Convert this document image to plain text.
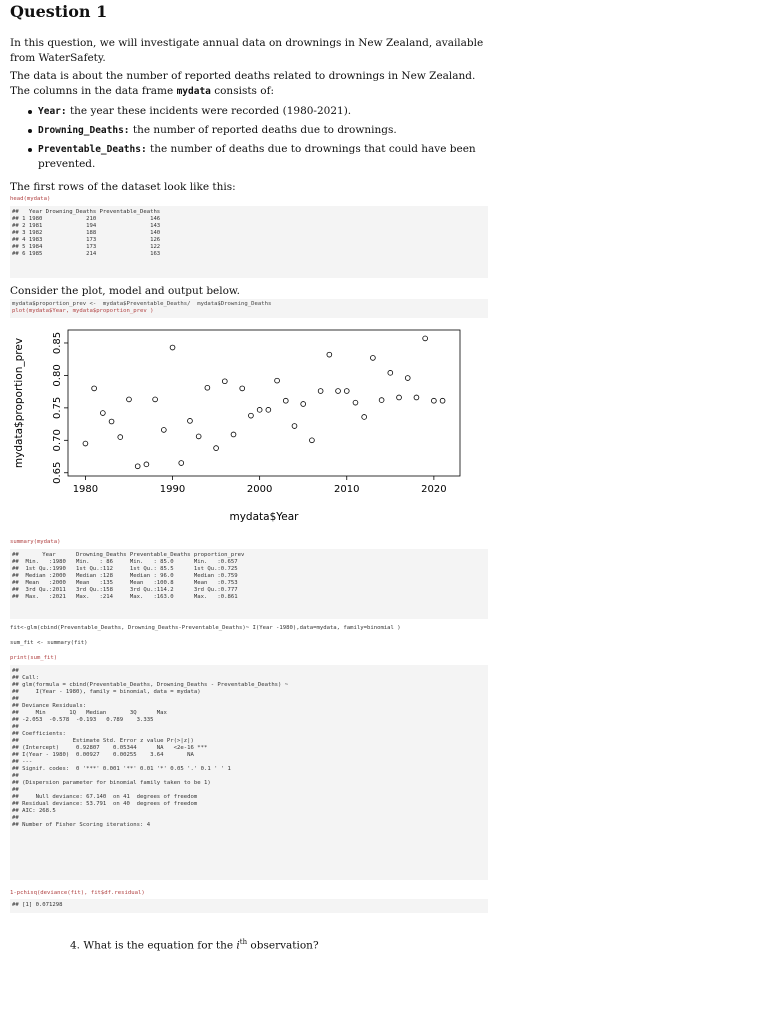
Question 1
In this question, we will investigate annual data on drownings in New Zealand, available from WaterSafety.
The data is about the number of reported deaths related to drownings in New Zealand. The columns in the data frame mydata consists of:
Year: the year these incidents were recorded (1980-2021).
Drowning_Deaths: the number of reported deaths due to drownings.
Preventable_Deaths: the number of deaths due to drownings that could have been prevented.
The first rows of the dataset look like this:
head(mydata)
##   Year Drowning_Deaths Preventable_Deaths
## 1 1980             210                146
## 2 1981             194                143
## 3 1982             188                140
## 4 1983             173                126
## 5 1984             173                122
## 6 1985             214                163
Consider the plot, model and output below.
mydata$proportion_prev <-  mydata$Preventable_Deaths/  mydata$Drowning_Deaths
plot(mydata$Year, mydata$proportion_prev )
1980	1990	2000	2010	2020
0.65
0.70
0.75
0.80
0.85
mydata$Year
mydata$proportion_prev
summary(mydata)
##       Year      Drowning_Deaths Preventable_Deaths proportion_prev
##  Min.   :1980   Min.   : 86     Min.   : 85.0      Min.   :0.657
##  1st Qu.:1990   1st Qu.:112     1st Qu.: 85.5      1st Qu.:0.725
##  Median :2000   Median :128     Median : 96.0      Median :0.759
##  Mean   :2000   Mean   :135     Mean   :100.8      Mean   :0.753
##  3rd Qu.:2011   3rd Qu.:158     3rd Qu.:114.2      3rd Qu.:0.777
##  Max.   :2021   Max.   :214     Max.   :163.0      Max.   :0.861
fit<-glm(cbind(Preventable_Deaths, Drowning_Deaths-Preventable_Deaths)~ I(Year -1980),data=mydata, family=binomial )
sum_fit <- summary(fit)
print(sum_fit)
##
## Call:
## glm(formula = cbind(Preventable_Deaths, Drowning_Deaths - Preventable_Deaths) ~
##     I(Year - 1980), family = binomial, data = mydata)
##
## Deviance Residuals:
##     Min       1Q   Median       3Q      Max
## -2.053  -0.578  -0.193   0.789    3.335
##
## Coefficients:
##                Estimate Std. Error z value Pr(>|z|)
## (Intercept)     0.92807    0.05344      NA   <2e-16 ***
## I(Year - 1980)  0.00927    0.00255    3.64       NA
## ---
## Signif. codes:  0 '***' 0.001 '**' 0.01 '*' 0.05 '.' 0.1 ' ' 1
##
## (Dispersion parameter for binomial family taken to be 1)
##
##     Null deviance: 67.140  on 41  degrees of freedom
## Residual deviance: 53.791  on 40  degrees of freedom
## AIC: 268.5
##
## Number of Fisher Scoring iterations: 4
1-pchisq(deviance(fit), fit$df.residual)
## [1] 0.071298
4. What is the equation for the $i^{th}$ observation?
